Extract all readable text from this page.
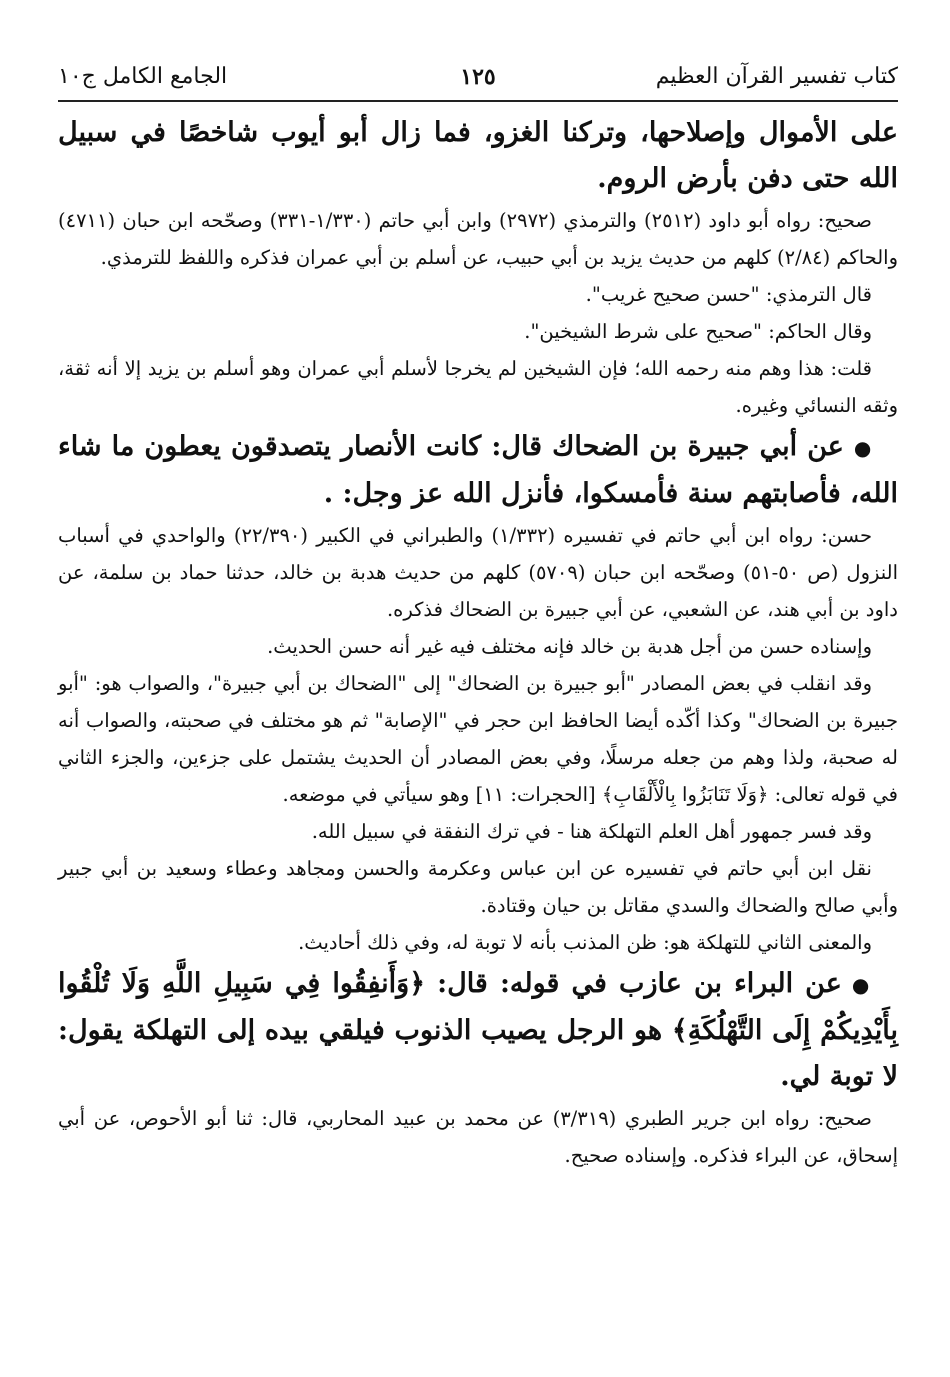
كتاب تفسير القرآن العظيم
١٢٥
الجامع الكامل ج١٠

على الأموال وإصلاحها، وتركنا الغزو، فما زال أبو أيوب شاخصًا في سبيل الله حتى دفن بأرض الروم.

صحيح: رواه أبو داود (٢٥١٢) والترمذي (٢٩٧٢) وابن أبي حاتم (١/٣٣٠-٣٣١) وصحّحه ابن حبان (٤٧١١) والحاكم (٢/٨٤) كلهم من حديث يزيد بن أبي حبيب، عن أسلم بن أبي عمران فذكره واللفظ للترمذي.

قال الترمذي: "حسن صحيح غريب".

وقال الحاكم: "صحيح على شرط الشيخين".

قلت: هذا وهم منه رحمه الله؛ فإن الشيخين لم يخرجا لأسلم أبي عمران وهو أسلم بن يزيد إلا أنه ثقة، وثقه النسائي وغيره.

●عن أبي جبيرة بن الضحاك قال: كانت الأنصار يتصدقون يعطون ما شاء الله، فأصابتهم سنة فأمسكوا، فأنزل الله عز وجل: .

حسن: رواه ابن أبي حاتم في تفسيره (١/٣٣٢) والطبراني في الكبير (٢٢/٣٩٠) والواحدي في أسباب النزول (ص ٥٠-٥١) وصحّحه ابن حبان (٥٧٠٩) كلهم من حديث هدبة بن خالد، حدثنا حماد بن سلمة، عن داود بن أبي هند، عن الشعبي، عن أبي جبيرة بن الضحاك فذكره.

وإسناده حسن من أجل هدبة بن خالد فإنه مختلف فيه غير أنه حسن الحديث.

وقد انقلب في بعض المصادر "أبو جبيرة بن الضحاك" إلى "الضحاك بن أبي جبيرة"، والصواب هو: "أبو جبيرة بن الضحاك" وكذا أكّده أيضا الحافظ ابن حجر في "الإصابة" ثم هو مختلف في صحبته، والصواب أنه له صحبة، ولذا وهم من جعله مرسلًا، وفي بعض المصادر أن الحديث يشتمل على جزءين، والجزء الثاني في قوله تعالى: ﴿وَلَا تَنَابَزُوا بِالْأَلْقَابِ﴾ [الحجرات: ١١] وهو سيأتي في موضعه.

وقد فسر جمهور أهل العلم التهلكة هنا - في ترك النفقة في سبيل الله.

نقل ابن أبي حاتم في تفسيره عن ابن عباس وعكرمة والحسن ومجاهد وعطاء وسعيد بن أبي جبير وأبي صالح والضحاك والسدي مقاتل بن حيان وقتادة.

والمعنى الثاني للتهلكة هو: ظن المذنب بأنه لا توبة له، وفي ذلك أحاديث.

●عن البراء بن عازب في قوله: قال: ﴿وَأَنفِقُوا فِي سَبِيلِ اللَّهِ وَلَا تُلْقُوا بِأَيْدِيكُمْ إِلَى التَّهْلُكَةِ﴾ هو الرجل يصيب الذنوب فيلقي بيده إلى التهلكة يقول: لا توبة لي.

صحيح: رواه ابن جرير الطبري (٣/٣١٩) عن محمد بن عبيد المحاربي، قال: ثنا أبو الأحوص، عن أبي إسحاق، عن البراء فذكره. وإسناده صحيح.
